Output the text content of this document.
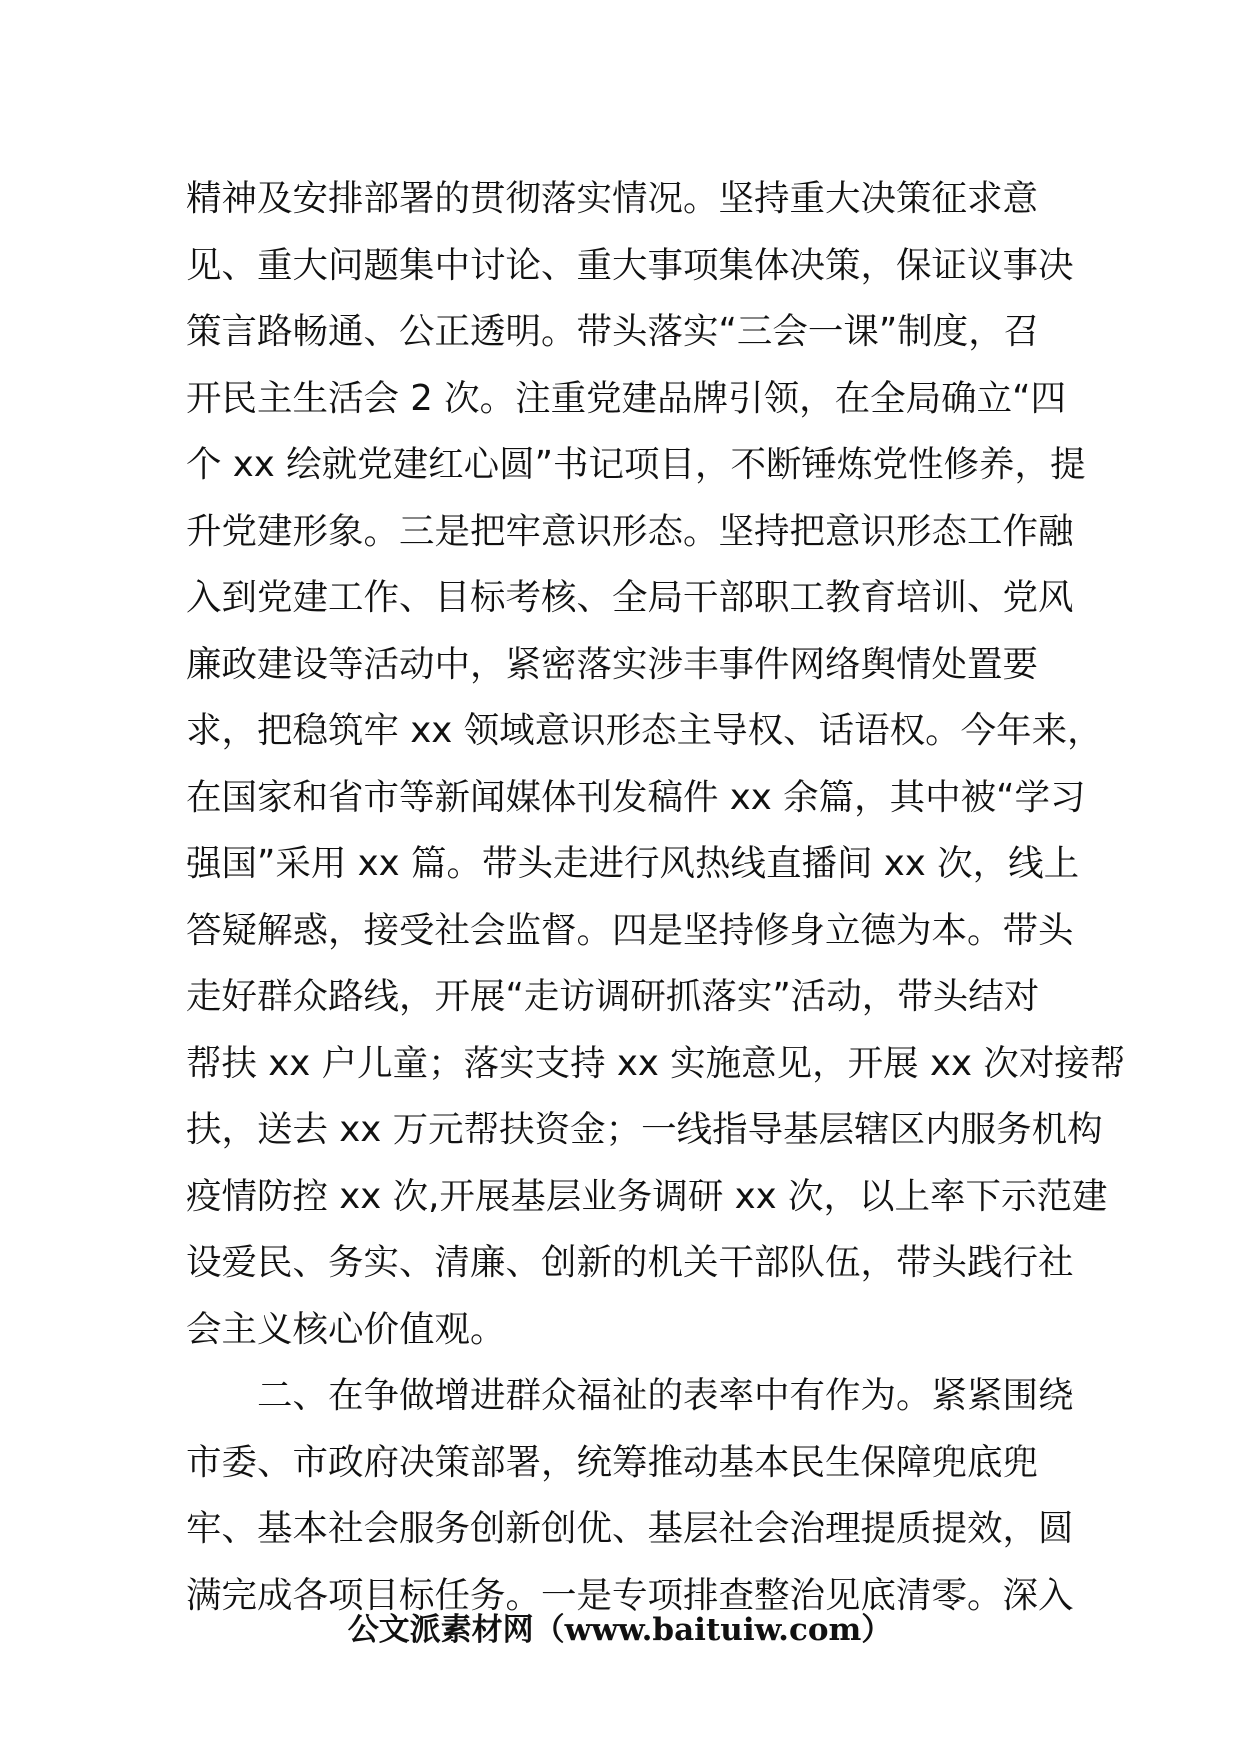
精神及安排部署的贯彻落实情况。坚持重大决策征求意
见、重大问题集中讨论、重大事项集体决策，保证议事决
策言路畅通、公正透明。带头落实“三会一课”制度，召
开民主生活会 2 次。注重党建品牌引领，在全局确立“四
个 xx 绘就党建红心圆”书记项目，不断锤炼党性修养，提
升党建形象。三是把牢意识形态。坚持把意识形态工作融
入到党建工作、目标考核、全局干部职工教育培训、党风
廉政建设等活动中，紧密落实涉丰事件网络舆情处置要
求，把稳筑牢 xx 领域意识形态主导权、话语权。今年来，
在国家和省市等新闻媒体刊发稿件 xx 余篇，其中被“学习
强国”采用 xx 篇。带头走进行风热线直播间 xx 次，线上
答疑解惑，接受社会监督。四是坚持修身立德为本。带头
走好群众路线，开展“走访调研抓落实”活动，带头结对
帮扶 xx 户儿童；落实支持 xx 实施意见，开展 xx 次对接帮
扶，送去 xx 万元帮扶资金；一线指导基层辖区内服务机构
疫情防控 xx 次,开展基层业务调研 xx 次，以上率下示范建
设爱民、务实、清廉、创新的机关干部队伍，带头践行社
会主义核心价值观。
　　二、在争做增进群众福祉的表率中有作为。紧紧围绕
市委、市政府决策部署，统筹推动基本民生保障兜底兜
牢、基本社会服务创新创优、基层社会治理提质提效，圆
满完成各项目标任务。一是专项排查整治见底清零。深入
公文派素材网（www.baituiw.com）
